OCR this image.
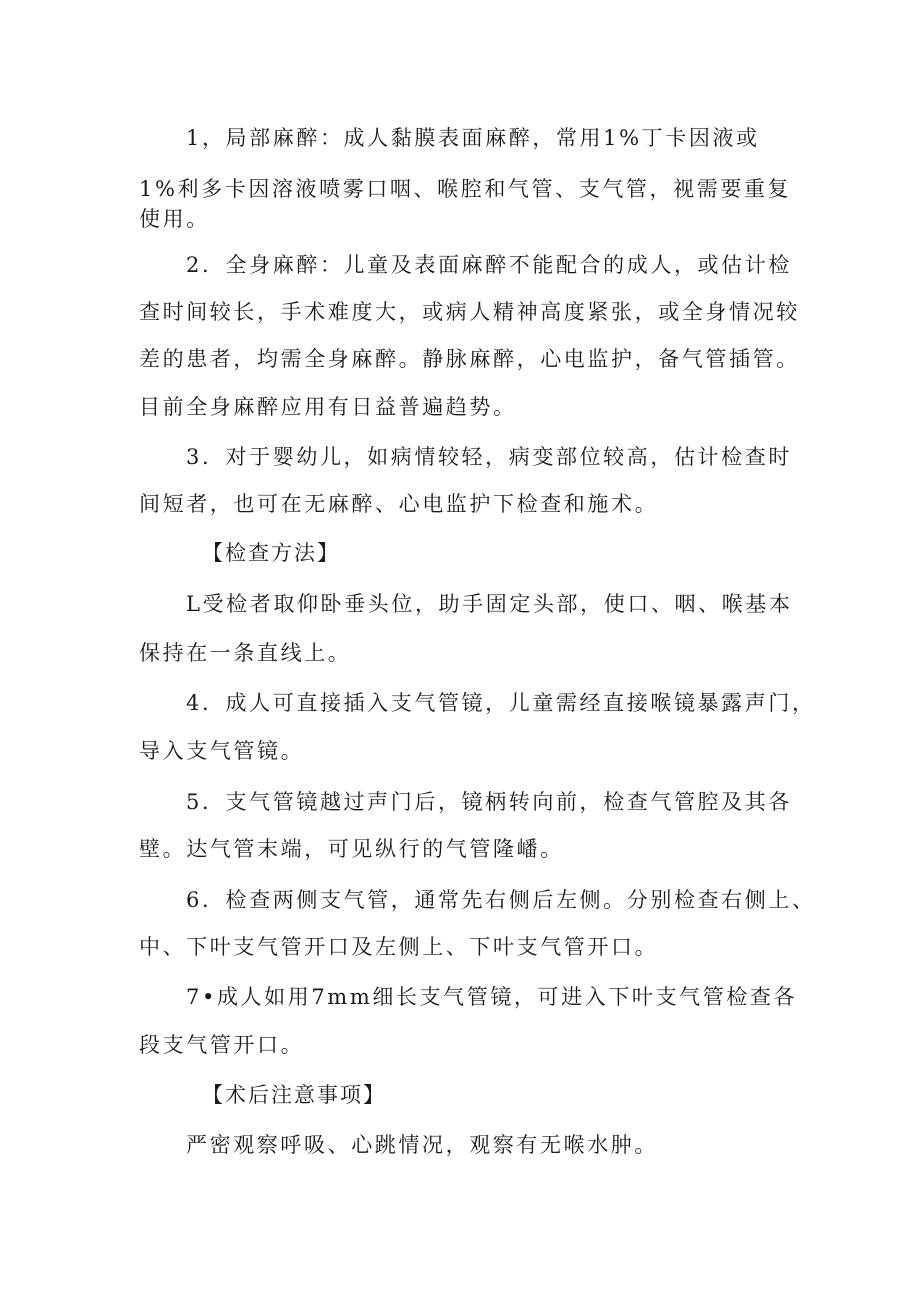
1，局部麻醉：成人黏膜表面麻醉，常用1%丁卡因液或
1%利多卡因溶液喷雾口咽、喉腔和气管、支气管，视需要重复
使用。
2．全身麻醉：儿童及表面麻醉不能配合的成人，或估计检
查时间较长，手术难度大，或病人精神高度紧张，或全身情况较
差的患者，均需全身麻醉。静脉麻醉，心电监护，备气管插管。
目前全身麻醉应用有日益普遍趋势。
3．对于婴幼儿，如病情较轻，病变部位较高，估计检查时
间短者，也可在无麻醉、心电监护下检查和施术。
【检查方法】
L受检者取仰卧垂头位，助手固定头部，使口、咽、喉基本
保持在一条直线上。
4．成人可直接插入支气管镜，儿童需经直接喉镜暴露声门，
导入支气管镜。
5．支气管镜越过声门后，镜柄转向前，检查气管腔及其各
壁。达气管末端，可见纵行的气管隆嶓。
6．检查两侧支气管，通常先右侧后左侧。分别检查右侧上、
中、下叶支气管开口及左侧上、下叶支气管开口。
7•成人如用7mm细长支气管镜，可进入下叶支气管检查各
段支气管开口。
【术后注意事项】
严密观察呼吸、心跳情况，观察有无喉水肿。
